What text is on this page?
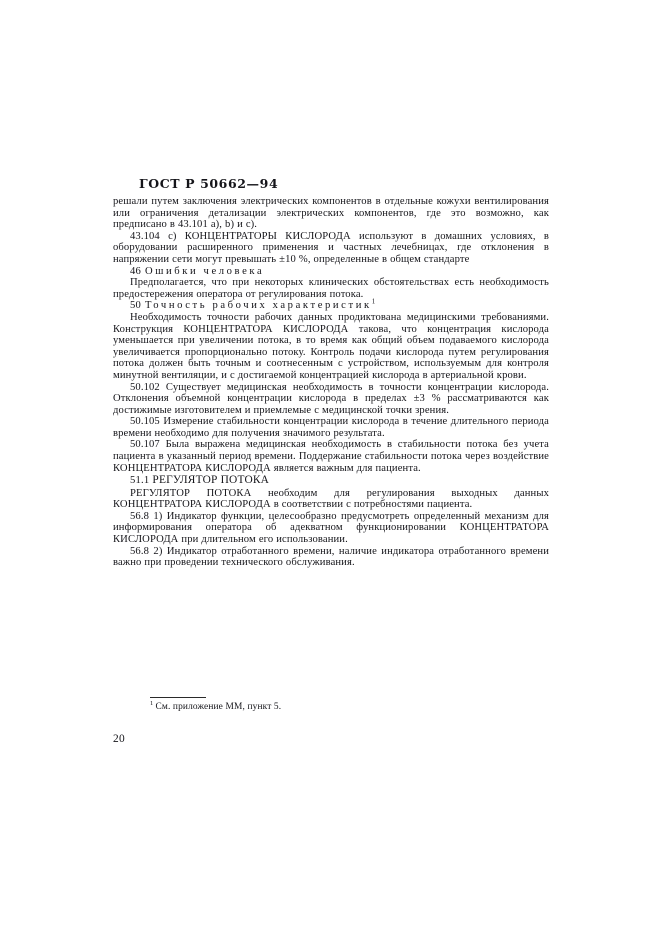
ГОСТ Р 50662—94

решали путем заключения электрических компонентов в отдельные кожухи вентилирования или ограничения детализации электрических компонентов, где это возможно, как предписано в 43.101 a), b) и c).

43.104 c) КОНЦЕНТРАТОРЫ КИСЛОРОДА используют в домашних условиях, в оборудовании расширенного применения и частных лечебницах, где отклонения в напряжении сети могут превышать ±10 %, определенные в общем стандарте

46 Ошибки человека

Предполагается, что при некоторых клинических обстоятельствах есть необходимость предостережения оператора от регулирования потока.

50 Точность рабочих характеристик$^1$

Необходимость точности рабочих данных продиктована медицинскими требованиями. Конструкция КОНЦЕНТРАТОРА КИСЛОРОДА такова, что концентрация кислорода уменьшается при увеличении потока, в то время как общий объем подаваемого кислорода увеличивается пропорционально потоку. Контроль подачи кислорода путем регулирования потока должен быть точным и соотнесенным с устройством, используемым для контроля минутной вентиляции, и с достигаемой концентрацией кислорода в артериальной крови.

50.102 Существует медицинская необходимость в точности концентрации кислорода. Отклонения объемной концентрации кислорода в пределах ±3 % рассматриваются как достижимые изготовителем и приемлемые с медицинской точки зрения.

50.105 Измерение стабильности концентрации кислорода в течение длительного периода времени необходимо для получения значимого результата.

50.107 Была выражена медицинская необходимость в стабильности потока без учета пациента в указанный период времени. Поддержание стабильности потока через воздействие КОНЦЕНТРАТОРА КИСЛОРОДА является важным для пациента.

51.1 РЕГУЛЯТОР ПОТОКА

РЕГУЛЯТОР ПОТОКА необходим для регулирования выходных данных КОНЦЕНТРАТОРА КИСЛОРОДА в соответствии с потребностями пациента.

56.8 1) Индикатор функции, целесообразно предусмотреть определенный механизм для информирования оператора об адекватном функционировании КОНЦЕНТРАТОРА КИСЛОРОДА при длительном его использовании.

56.8 2) Индикатор отработанного времени, наличие индикатора отработанного времени важно при проведении технического обслуживания.

$^1$ См. приложение ММ, пункт 5.
20
